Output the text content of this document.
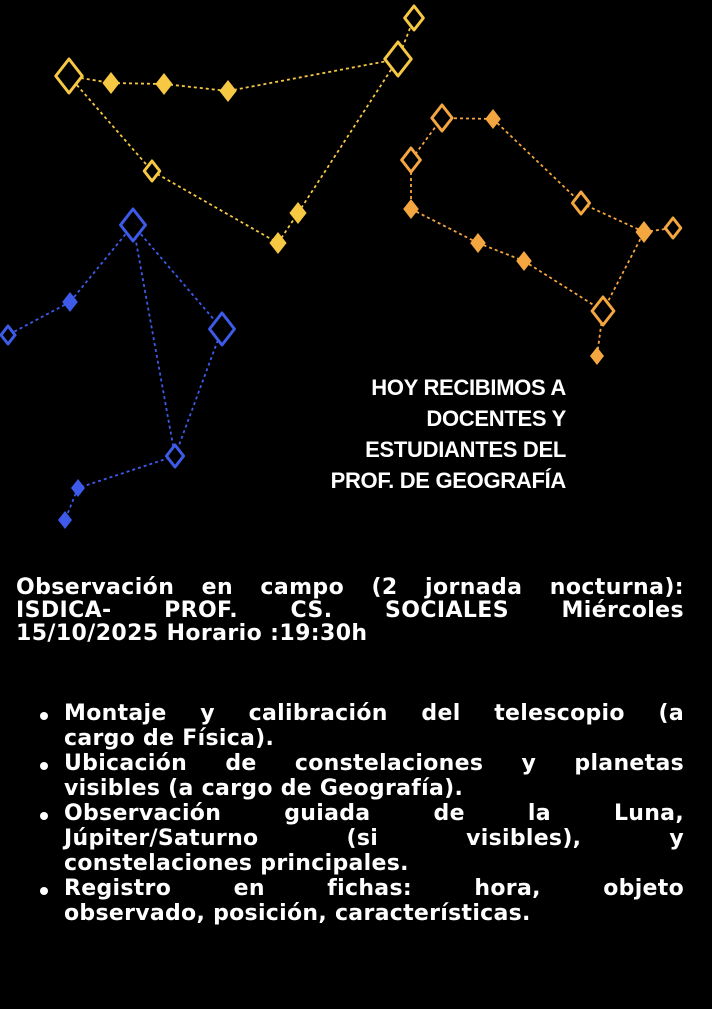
HOY RECIBIMOS A
DOCENTES Y
ESTUDIANTES DEL
PROF. DE GEOGRAFÍA
Observación en campo (2 jornada nocturna):
ISDICA- PROF. CS. SOCIALES Miércoles
15/10/2025 Horario :19:30h
Montaje y calibración del telescopio (a
cargo de Física).
Ubicación de constelaciones y planetas
visibles (a cargo de Geografía).
Observación guiada de la Luna,
Júpiter/Saturno (si visibles), y
constelaciones principales.
Registro en fichas: hora, objeto
observado, posición, características.
